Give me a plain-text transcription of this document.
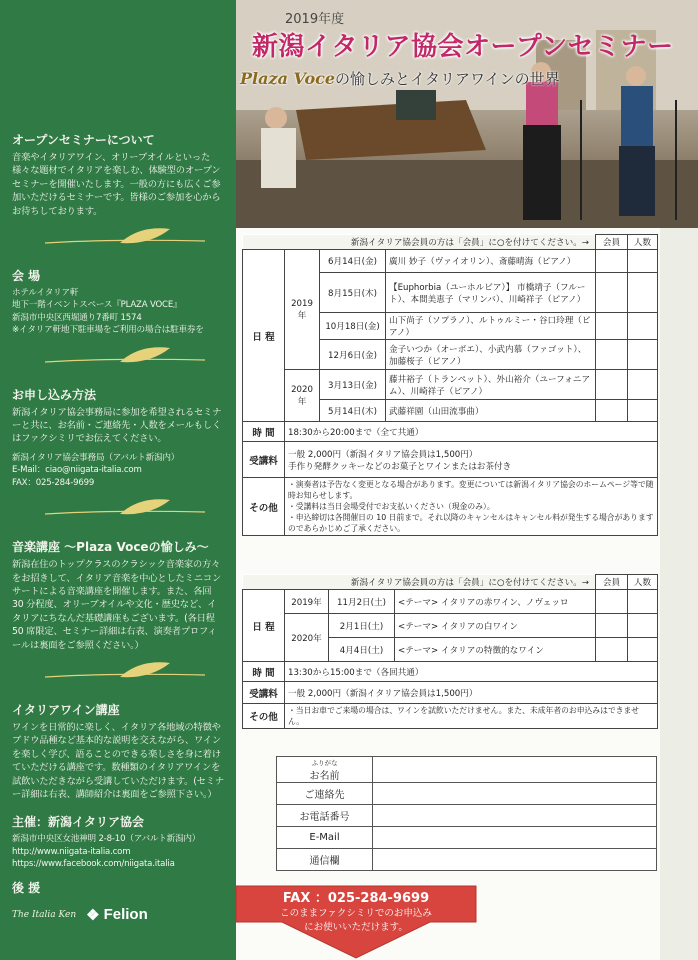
オープンセミナーについて
音楽やイタリアワイン、オリーブオイルといった様々な題材でイタリアを楽しむ、体験型のオープンセミナーを開催いたします。一般の方にも広くご参加いただけるセミナーです。皆様のご参加を心からお待ちしております。
会 場
ホテルイタリア軒
地下一階イベントスペース『PLAZA VOCE』
新潟市中央区西堀通り7番町 1574
※イタリア軒地下駐車場をご利用の場合は駐車券を
お申し込み方法
新潟イタリア協会事務局に参加を希望されるセミナーと共に、お名前・ご連絡先・人数をメールもしくはファクシミリでお伝えてください。
新潟イタリア協会事務局（アバルト新潟内）
E-Mail：ciao@niigata-italia.com
FAX：025-284-9699
音楽講座 〜Plaza Voceの愉しみ〜
新潟在住のトップクラスのクラシック音楽家の方々をお招きして、イタリア音楽を中心としたミニコンサートによる音楽講座を開催します。また、各回 30 分程度、オリーブオイルや文化・歴史など、イタリアにちなんだ基礎講座もございます。(各日程 50 席限定、セミナー詳細は右表、演奏者プロフィールは裏面をご参照ください。）
イタリアワイン講座
ワインを日常的に楽しく、イタリア各地域の特徴やブドウ品種など基本的な説明を交えながら、ワインを楽しく学び、語ることのできる楽しさを身に着けていただける講座です。数種類のイタリアワインを試飲いただきながら受講していただけます。(セミナー詳細は右表、講師紹介は裏面をご参照下さい。）
主催：新潟イタリア協会
新潟市中央区女池神明 2-8-10（アバルト新潟内）
http://www.niigata-italia.com
https://www.facebook.com/niigata.italia
後 援
The Italia Ken ❖ Felion
2019年度
新潟イタリア協会オープンセミナー
Plaza Voceの愉しみとイタリアワインの世界
新潟イタリア協会員の方は「会員」に○を付けてください。→				会員	人数
日 程	2019年	6月14日(金)	廣川 妙子（ヴァイオリン）、斎藤晴海（ピアノ）		
		8月15日(木)	【Euphorbia（ユーホルビア）】 市橋靖子（フルート）、本間美恵子（マリンバ）、川崎祥子（ピアノ）		
		10月18日(金)	山下尚子（ソプラノ）、ルトゥルミー・谷口玲理（ピアノ）		
		12月6日(金)	金子いつか（オーボエ）、小武内慕（ファゴット）、加藤桜子（ピアノ）		
	2020年	3月13日(金)	藤井裕子（トランペット）、外山裕介（ユーフォニアム）、川崎祥子（ピアノ）		
		5月14日(木)	武藤祥園（山田流事曲）		
時 間	18:30から20:00まで（全て共通）				
受講料	一般 2,000円（新潟イタリア協会員は1,500円）
手作り発酵クッキーなどのお菓子とワインまたはお茶付き				

その他	・演奏者は予告なく変更となる場合があります。変更については新潟イタリア協会のホームページ等で随時お知らせします。
・受講料は当日会場受付でお支払いください（現金のみ）。
・申込締切は各開催日の 10 日前まで。それ以降のキャンセルはキャンセル料が発生する場合がありますのであらかじめご了承ください。				
新潟イタリア協会員の方は「会員」に○を付けてください。→				会員	人数
日 程	2019年	11月2日(土)	<テーマ> イタリアの赤ワイン、ノヴェッロ		
	2020年	2月1日(土)	<テーマ> イタリアの白ワイン		
		4月4日(土)	<テーマ> イタリアの特徴的なワイン		
時 間	13:30から15:00まで（各回共通）				
受講料	一般 2,000円（新潟イタリア協会員は1,500円）				
その他	・当日お車でご来場の場合は、ワインを試飲いただけません。また、未成年者のお申込みはできません。				
ふりがな
お名前	
ご連絡先	
お電話番号	
E-Mail	
通信欄	
FAX ：025-284-9699
このままファクシミリでのお申込み
にお使いいただけます。
